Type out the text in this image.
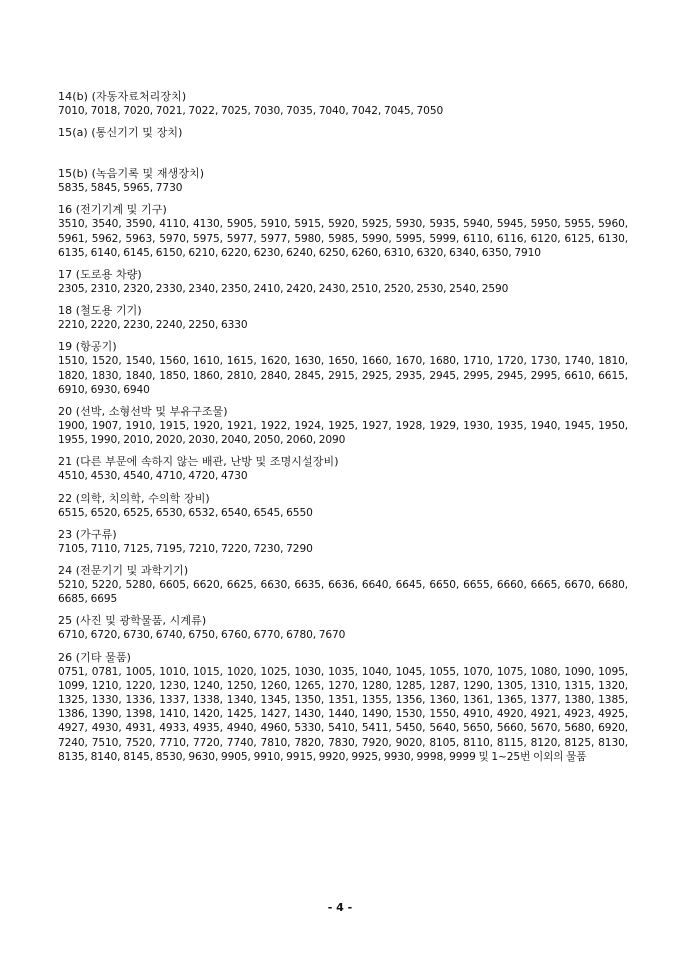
14(b) (자동자료처리장치)
7010, 7018, 7020, 7021, 7022, 7025, 7030, 7035, 7040, 7042, 7045, 7050
15(a) (통신기기 및 장치)
15(b) (녹음기록 및 재생장치)
5835, 5845, 5965, 7730
16 (전기기계 및 기구)
3510, 3540, 3590, 4110, 4130, 5905, 5910, 5915, 5920, 5925, 5930, 5935, 5940, 5945, 5950, 5955, 5960, 5961, 5962, 5963, 5970, 5975, 5977, 5977, 5980, 5985, 5990, 5995, 5999, 6110, 6116, 6120, 6125, 6130, 6135, 6140, 6145, 6150, 6210, 6220, 6230, 6240, 6250, 6260, 6310, 6320, 6340, 6350, 7910
17 (도로용 차량)
2305, 2310, 2320, 2330, 2340, 2350, 2410, 2420, 2430, 2510, 2520, 2530, 2540, 2590
18 (철도용 기기)
2210, 2220, 2230, 2240, 2250, 6330
19 (항공기)
1510, 1520, 1540, 1560, 1610, 1615, 1620, 1630, 1650, 1660, 1670, 1680, 1710, 1720, 1730, 1740, 1810, 1820, 1830, 1840, 1850, 1860, 2810, 2840, 2845, 2915, 2925, 2935, 2945, 2995, 2945, 2995, 6610, 6615, 6910, 6930, 6940
20 (선박, 소형선박 및 부유구조물)
1900, 1907, 1910, 1915, 1920, 1921, 1922, 1924, 1925, 1927, 1928, 1929, 1930, 1935, 1940, 1945, 1950, 1955, 1990, 2010, 2020, 2030, 2040, 2050, 2060, 2090
21 (다른 부문에 속하지 않는 배관, 난방 및 조명시설장비)
4510, 4530, 4540, 4710, 4720, 4730
22 (의학, 치의학, 수의학 장비)
6515, 6520, 6525, 6530, 6532, 6540, 6545, 6550
23 (가구류)
7105, 7110, 7125, 7195, 7210, 7220, 7230, 7290
24 (전문기기 및 과학기기)
5210, 5220, 5280, 6605, 6620, 6625, 6630, 6635, 6636, 6640, 6645, 6650, 6655, 6660, 6665, 6670, 6680, 6685, 6695
25 (사진 및 광학물품, 시계류)
6710, 6720, 6730, 6740, 6750, 6760, 6770, 6780, 7670
26 (기타 물품)
0751, 0781, 1005, 1010, 1015, 1020, 1025, 1030, 1035, 1040, 1045, 1055, 1070, 1075, 1080, 1090, 1095, 1099, 1210, 1220, 1230, 1240, 1250, 1260, 1265, 1270, 1280, 1285, 1287, 1290, 1305, 1310, 1315, 1320, 1325, 1330, 1336, 1337, 1338, 1340, 1345, 1350, 1351, 1355, 1356, 1360, 1361, 1365, 1377, 1380, 1385, 1386, 1390, 1398, 1410, 1420, 1425, 1427, 1430, 1440, 1490, 1530, 1550, 4910, 4920, 4921, 4923, 4925, 4927, 4930, 4931, 4933, 4935, 4940, 4960, 5330, 5410, 5411, 5450, 5640, 5650, 5660, 5670, 5680, 6920, 7240, 7510, 7520, 7710, 7720, 7740, 7810, 7820, 7830, 7920, 9020, 8105, 8110, 8115, 8120, 8125, 8130, 8135, 8140, 8145, 8530, 9630, 9905, 9910, 9915, 9920, 9925, 9930, 9998, 9999 및 1~25번 이외의 물품
- 4 -
